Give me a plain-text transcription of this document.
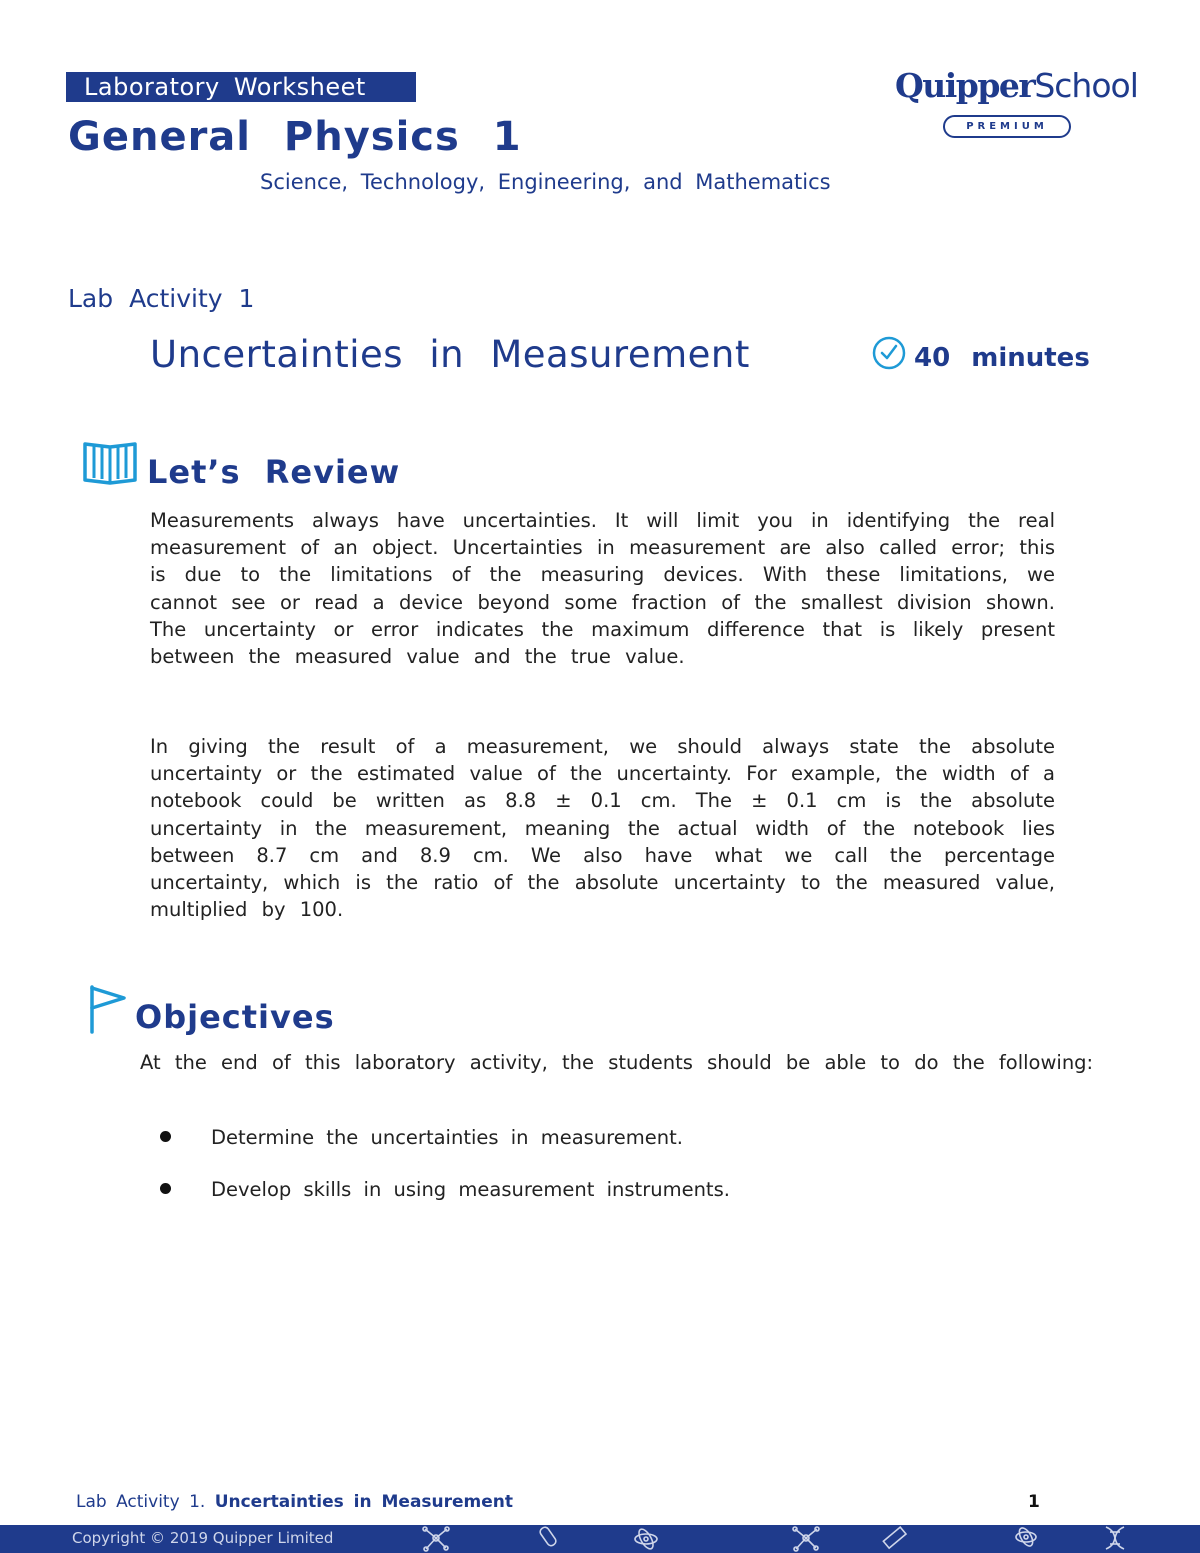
Laboratory Worksheet
General Physics 1
Science, Technology, Engineering, and Mathematics
QuipperSchool
PREMIUM
Lab Activity 1
Uncertainties in Measurement	40 minutes
Let’s Review
Measurements always have uncertainties. It will limit you in identifying the real measurement of an object. Uncertainties in measurement are also called error; this is due to the limitations of the measuring devices. With these limitations, we cannot see or read a device beyond some fraction of the smallest division shown. The uncertainty or error indicates the maximum difference that is likely present between the measured value and the true value.
In giving the result of a measurement, we should always state the absolute uncertainty or the estimated value of the uncertainty. For example, the width of a notebook could be written as 8.8 ± 0.1 cm. The ± 0.1 cm is the absolute uncertainty in the measurement, meaning the actual width of the notebook lies between 8.7 cm and 8.9 cm. We also have what we call the percentage uncertainty, which is the ratio of the absolute uncertainty to the measured value, multiplied by 100.
Objectives
At the end of this laboratory activity, the students should be able to do the following:
Determine the uncertainties in measurement.
Develop skills in using measurement instruments.
Lab Activity 1. Uncertainties in Measurement	1
Copyright © 2019 Quipper Limited
